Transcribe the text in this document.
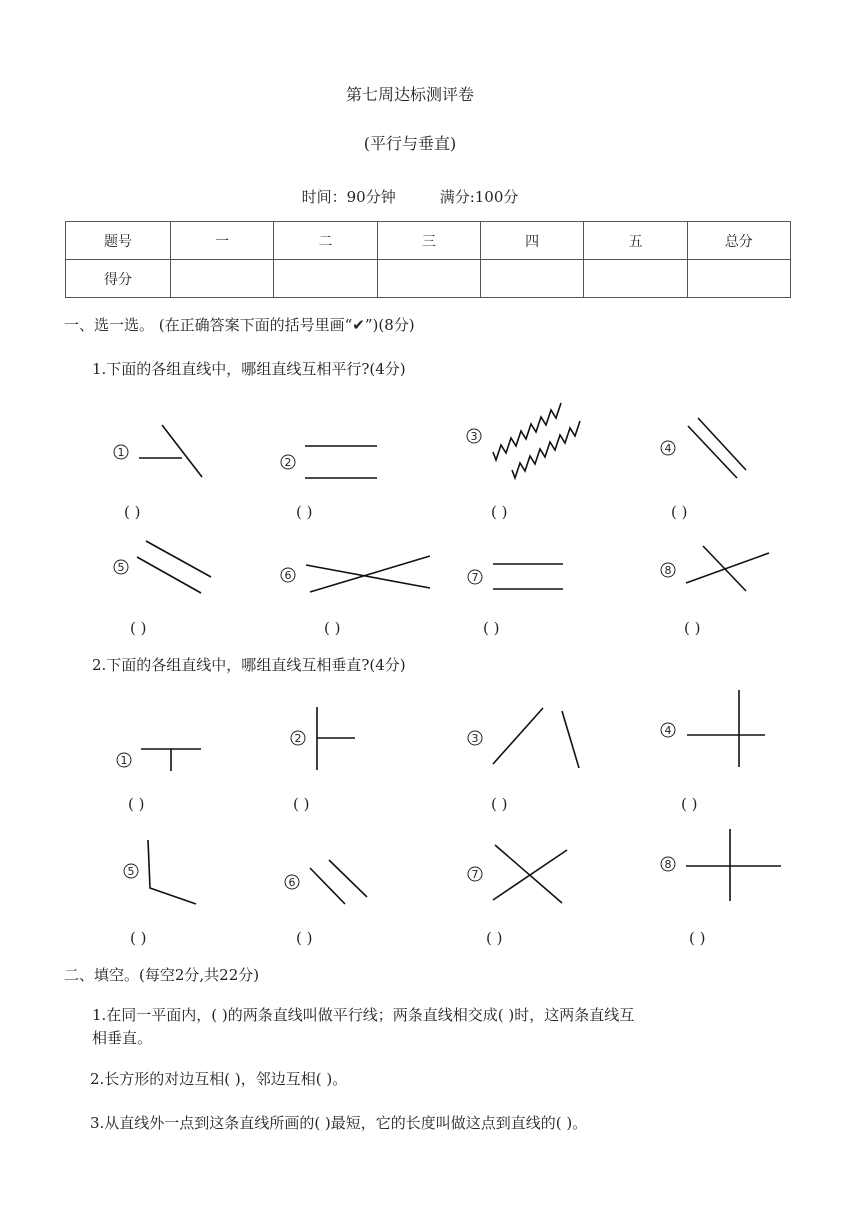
第七周达标测评卷
(平行与垂直)
时间：90分钟	满分:100分
题号	一	二	三	四	五	总分
得分						
一、选一选。 (在正确答案下面的括号里画“✔”)(8分)
1.下面的各组直线中，哪组直线互相平行?(4分)
2.下面的各组直线中，哪组直线互相垂直?(4分)
1
2
3
4
5
6	7
8
1
2	3
4
5
6
7
8
( )	( )	( )	( )
( )	( )	( )	( )
( )	( )	( )	( )
( )	( )	( )	( )
二、填空。(每空2分,共22分)
1.在同一平面内，( )的两条直线叫做平行线；两条直线相交成( )时，这两条直线互
相垂直。
2.长方形的对边互相( )，邻边互相( )。
3.从直线外一点到这条直线所画的( )最短，它的长度叫做这点到直线的( )。
